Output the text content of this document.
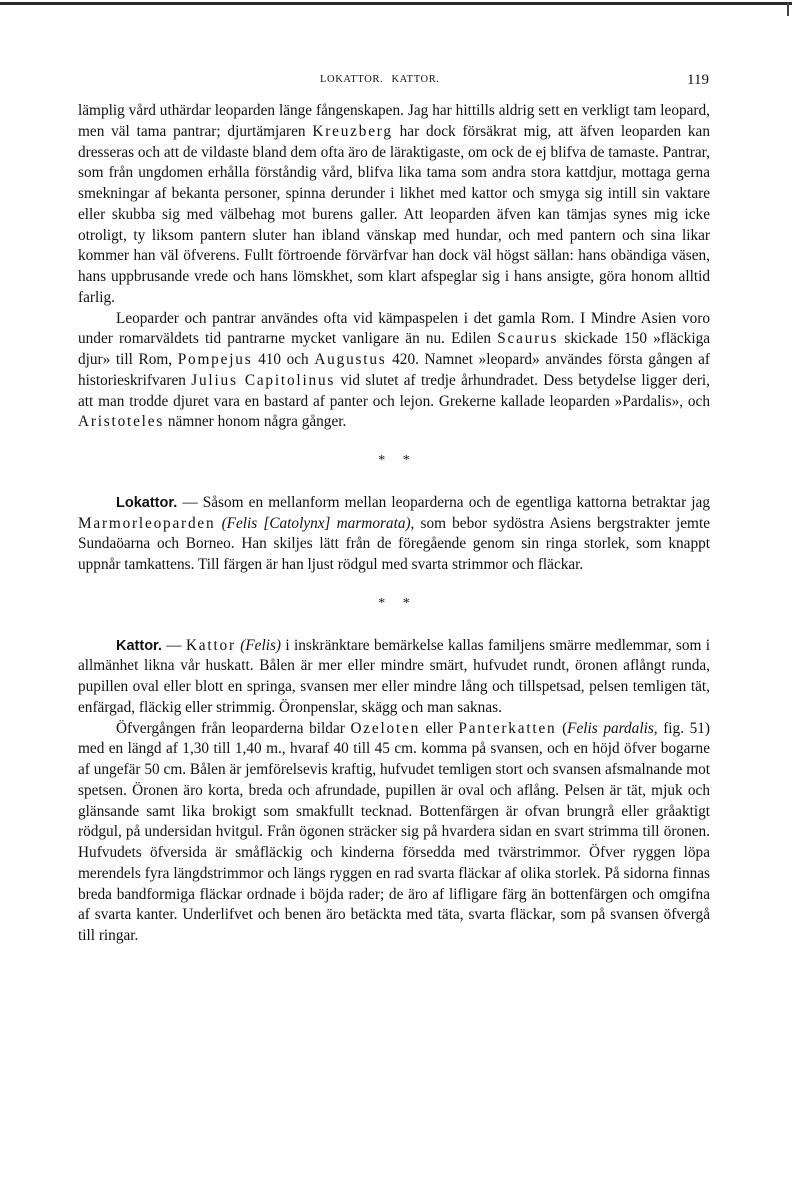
LOKATTOR. KATTOR.	119

lämplig vård uthärdar leoparden länge fångenskapen. Jag har hittills aldrig sett en verkligt tam leopard, men väl tama pantrar; djurtämjaren Kreuzberg har dock försäkrat mig, att äfven leoparden kan dresseras och att de vildaste bland dem ofta äro de läraktigaste, om ock de ej blifva de tamaste. Pantrar, som från ungdomen erhålla förståndig vård, blifva lika tama som andra stora kattdjur, mottaga gerna smekningar af bekanta personer, spinna derunder i likhet med kattor och smyga sig intill sin vaktare eller skubba sig med välbehag mot burens galler. Att leoparden äfven kan tämjas synes mig icke otroligt, ty liksom pantern sluter han ibland vänskap med hundar, och med pantern och sina likar kommer han väl öfverens. Fullt förtroende förvärfvar han dock väl högst sällan: hans obändiga väsen, hans uppbrusande vrede och hans lömskhet, som klart afspeglar sig i hans ansigte, göra honom alltid farlig.

Leoparder och pantrar användes ofta vid kämpaspelen i det gamla Rom. I Mindre Asien voro under romarväldets tid pantrarne mycket vanligare än nu. Edilen Scaurus skickade 150 »fläckiga djur» till Rom, Pompejus 410 och Augustus 420. Namnet »leopard» användes första gången af historieskrifvaren Julius Capitolinus vid slutet af tredje århundradet. Dess betydelse ligger deri, att man trodde djuret vara en bastard af panter och lejon. Grekerne kallade leoparden »Pardalis», och Aristoteles nämner honom några gånger.

* *

Lokattor. — Såsom en mellanform mellan leoparderna och de egentliga kattorna betraktar jag Marmorleoparden (Felis [Catolynx] marmorata), som bebor sydöstra Asiens bergstrakter jemte Sundaöarna och Borneo. Han skiljes lätt från de föregående genom sin ringa storlek, som knappt uppnår tamkattens. Till färgen är han ljust rödgul med svarta strimmor och fläckar.

* *

Kattor. — Kattor (Felis) i inskränktare bemärkelse kallas familjens smärre medlemmar, som i allmänhet likna vår huskatt. Bålen är mer eller mindre smärt, hufvudet rundt, öronen aflångt runda, pupillen oval eller blott en springa, svansen mer eller mindre lång och tillspetsad, pelsen temligen tät, enfärgad, fläckig eller strimmig. Öronpenslar, skägg och man saknas.

Öfvergången från leoparderna bildar Ozeloten eller Panterkatten (Felis pardalis, fig. 51) med en längd af 1,30 till 1,40 m., hvaraf 40 till 45 cm. komma på svansen, och en höjd öfver bogarne af ungefär 50 cm. Bålen är jemförelsevis kraftig, hufvudet temligen stort och svansen afsmalnande mot spetsen. Öronen äro korta, breda och afrundade, pupillen är oval och aflång. Pelsen är tät, mjuk och glänsande samt lika brokigt som smakfullt tecknad. Bottenfärgen är ofvan brungrå eller gråaktigt rödgul, på undersidan hvitgul. Från ögonen sträcker sig på hvardera sidan en svart strimma till öronen. Hufvudets öfversida är småfläckig och kinderna försedda med tvärstrimmor. Öfver ryggen löpa merendels fyra längdstrimmor och längs ryggen en rad svarta fläckar af olika storlek. På sidorna finnas breda bandformiga fläckar ordnade i böjda rader; de äro af lifligare färg än bottenfärgen och omgifna af svarta kanter. Underlifvet och benen äro betäckta med täta, svarta fläckar, som på svansen öfvergå till ringar.
